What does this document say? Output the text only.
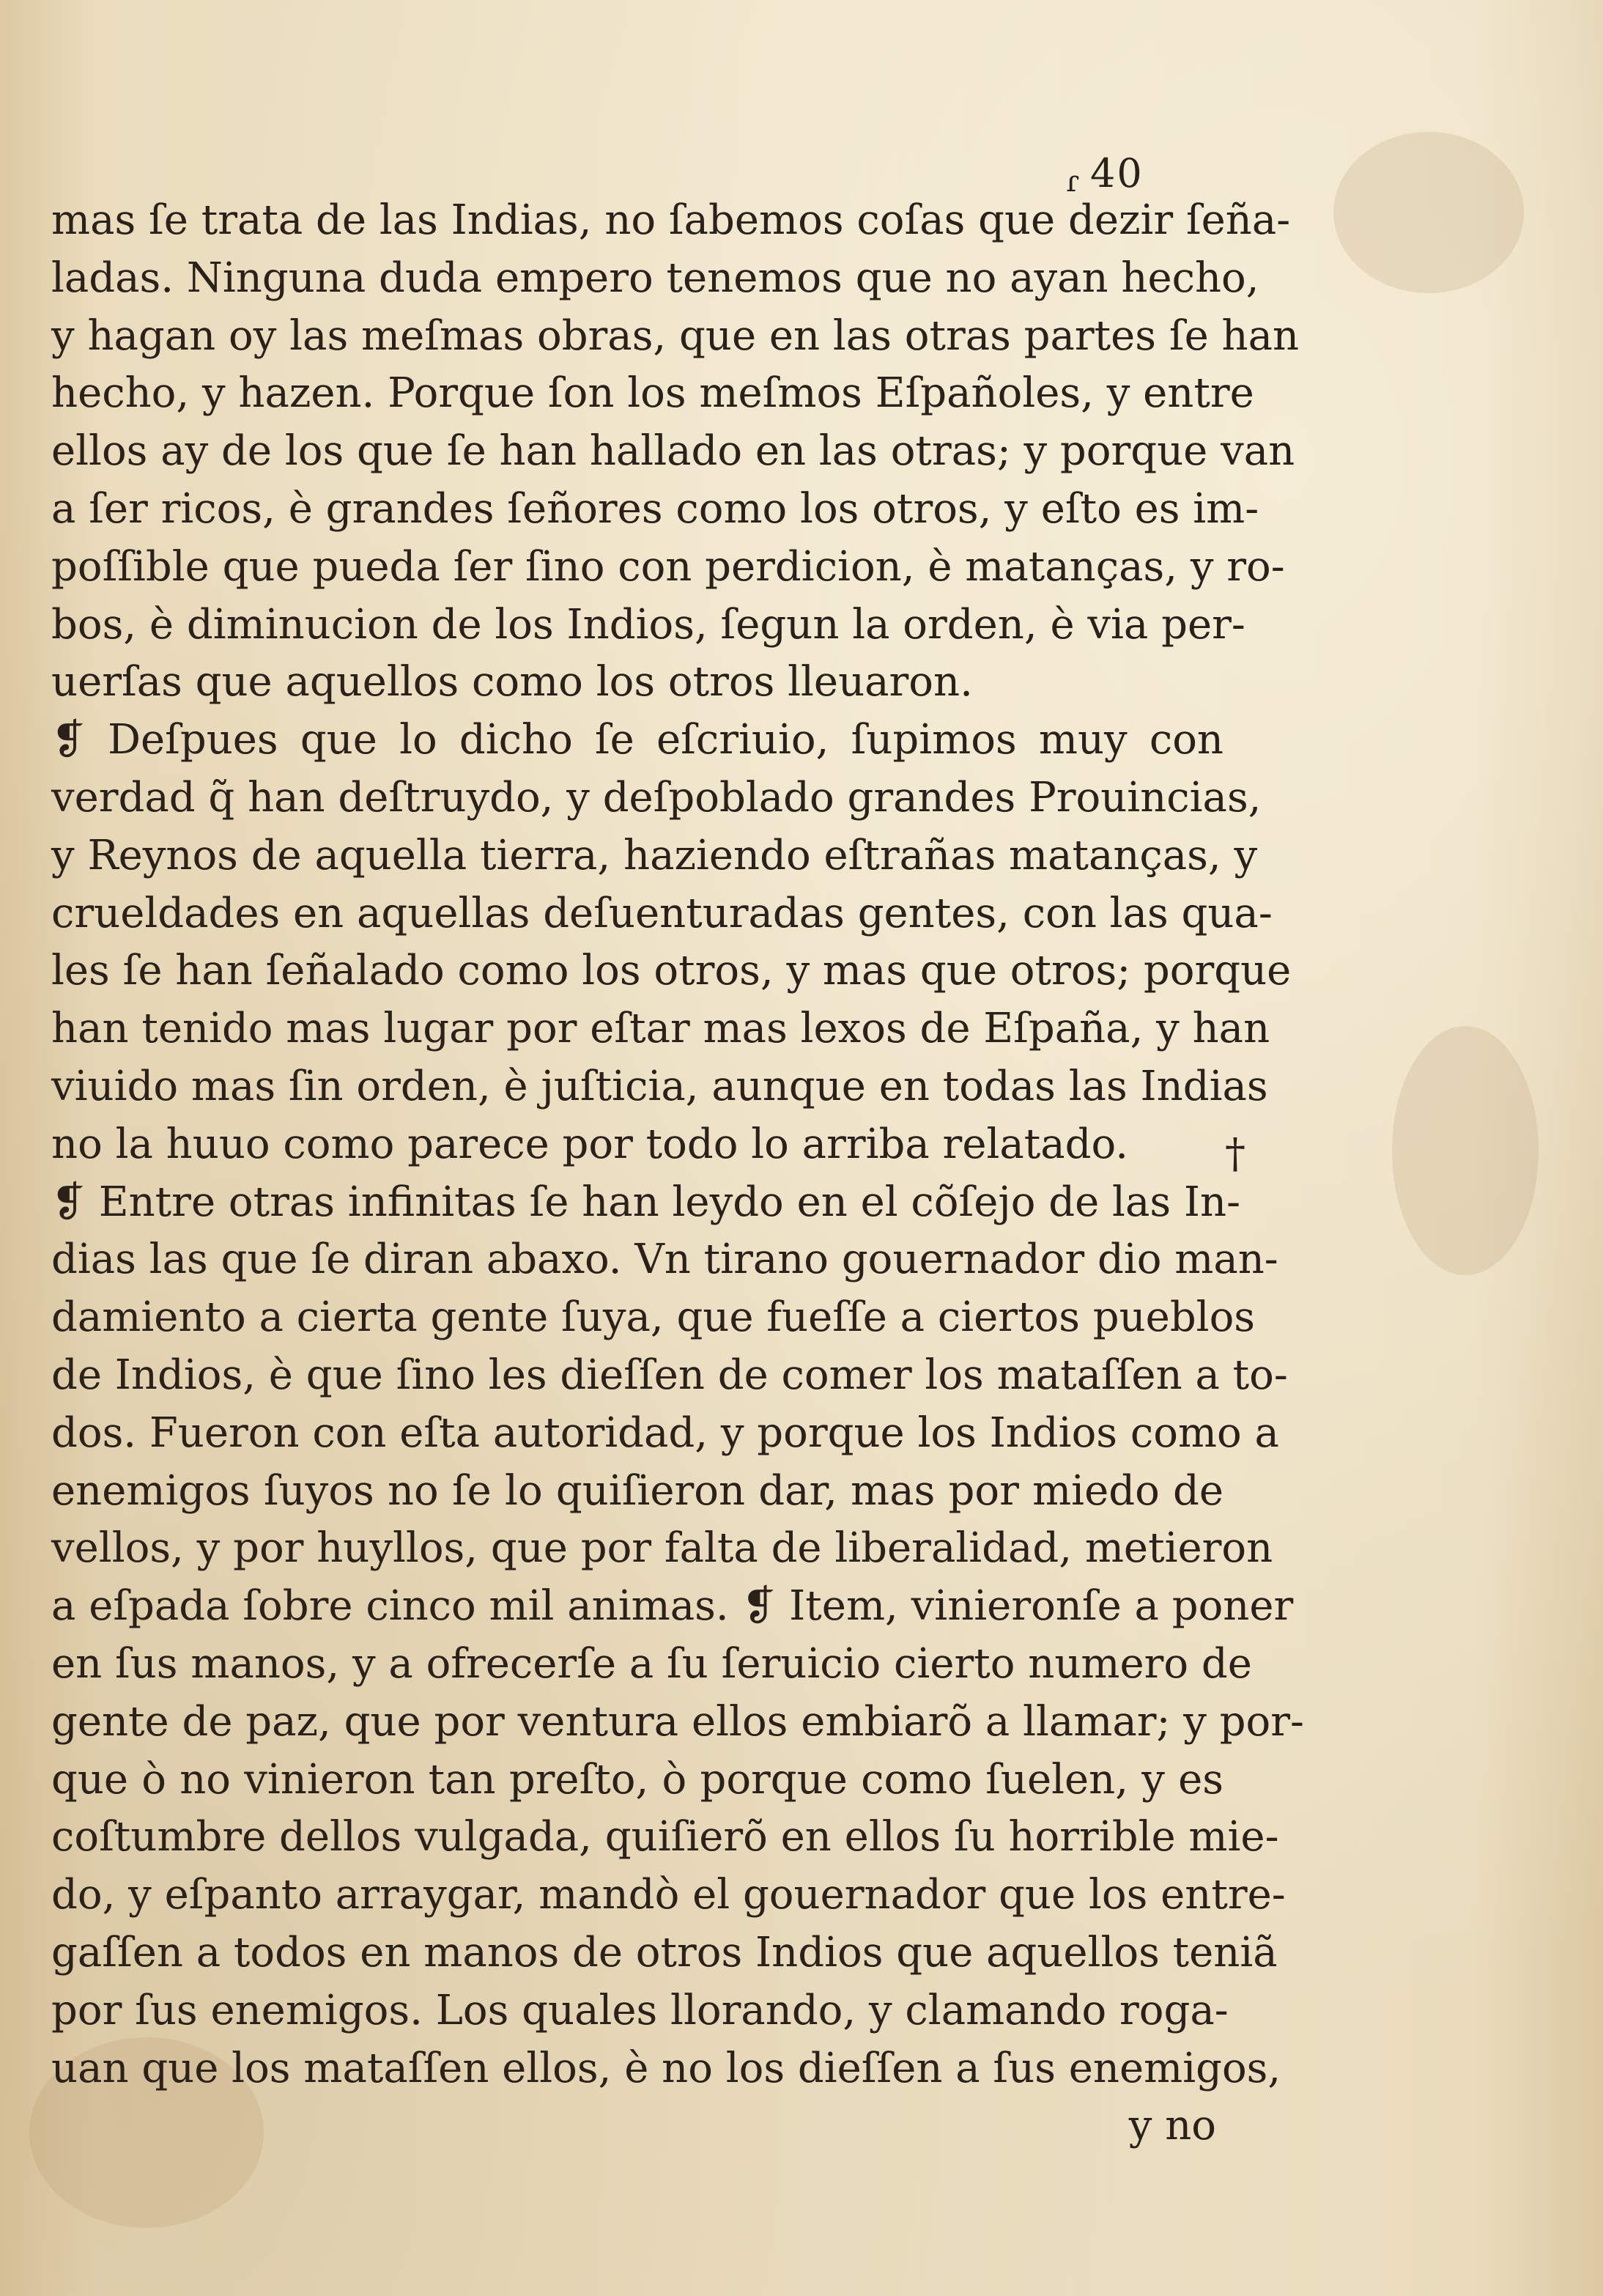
ɾ 40
mas ſe trata de las Indias, no ſabemos coſas que dezir ſeña-
ladas. Ninguna duda empero tenemos que no ayan hecho,
y hagan oy las meſmas obras, que en las otras partes ſe han
hecho, y hazen. Porque ſon los meſmos Eſpañoles, y entre
ellos ay de los que ſe han hallado en las otras; y porque van
a ſer ricos, è grandes ſeñores como los otros, y eſto es im-
poſſible que pueda ſer ſino con perdicion, è matanças, y ro-
bos, è diminucion de los Indios, ſegun la orden, è via per-
uerſas que aquellos como los otros lleuaron.
❡ Deſpues que lo dicho ſe eſcriuio, ſupimos muy con
verdad q̃ han deſtruydo, y deſpoblado grandes Prouincias,
y Reynos de aquella tierra, haziendo eſtrañas matanças, y
crueldades en aquellas deſuenturadas gentes, con las qua-
les ſe han ſeñalado como los otros, y mas que otros; porque
han tenido mas lugar por eſtar mas lexos de Eſpaña, y han
viuido mas ſin orden, è juſticia, aunque en todas las Indias
no la huuo como parece por todo lo arriba relatado.
❡ Entre otras infinitas ſe han leydo en el cõſejo de las In-
dias las que ſe diran abaxo. Vn tirano gouernador dio man-
damiento a cierta gente ſuya, que fueſſe a ciertos pueblos
de Indios, è que ſino les dieſſen de comer los mataſſen a to-
dos. Fueron con eſta autoridad, y porque los Indios como a
enemigos ſuyos no ſe lo quiſieron dar, mas por miedo de
vellos, y por huyllos, que por falta de liberalidad, metieron
a eſpada ſobre cinco mil animas. ❡ Item, vinieronſe a poner
en ſus manos, y a ofrecerſe a ſu ſeruicio cierto numero de
gente de paz, que por ventura ellos embiarõ a llamar; y por-
que ò no vinieron tan preſto, ò porque como ſuelen, y es
coſtumbre dellos vulgada, quiſierõ en ellos ſu horrible mie-
do, y eſpanto arraygar, mandò el gouernador que los entre-
gaſſen a todos en manos de otros Indios que aquellos teniã
por ſus enemigos. Los quales llorando, y clamando roga-
uan que los mataſſen ellos, è no los dieſſen a ſus enemigos,
y no
†
